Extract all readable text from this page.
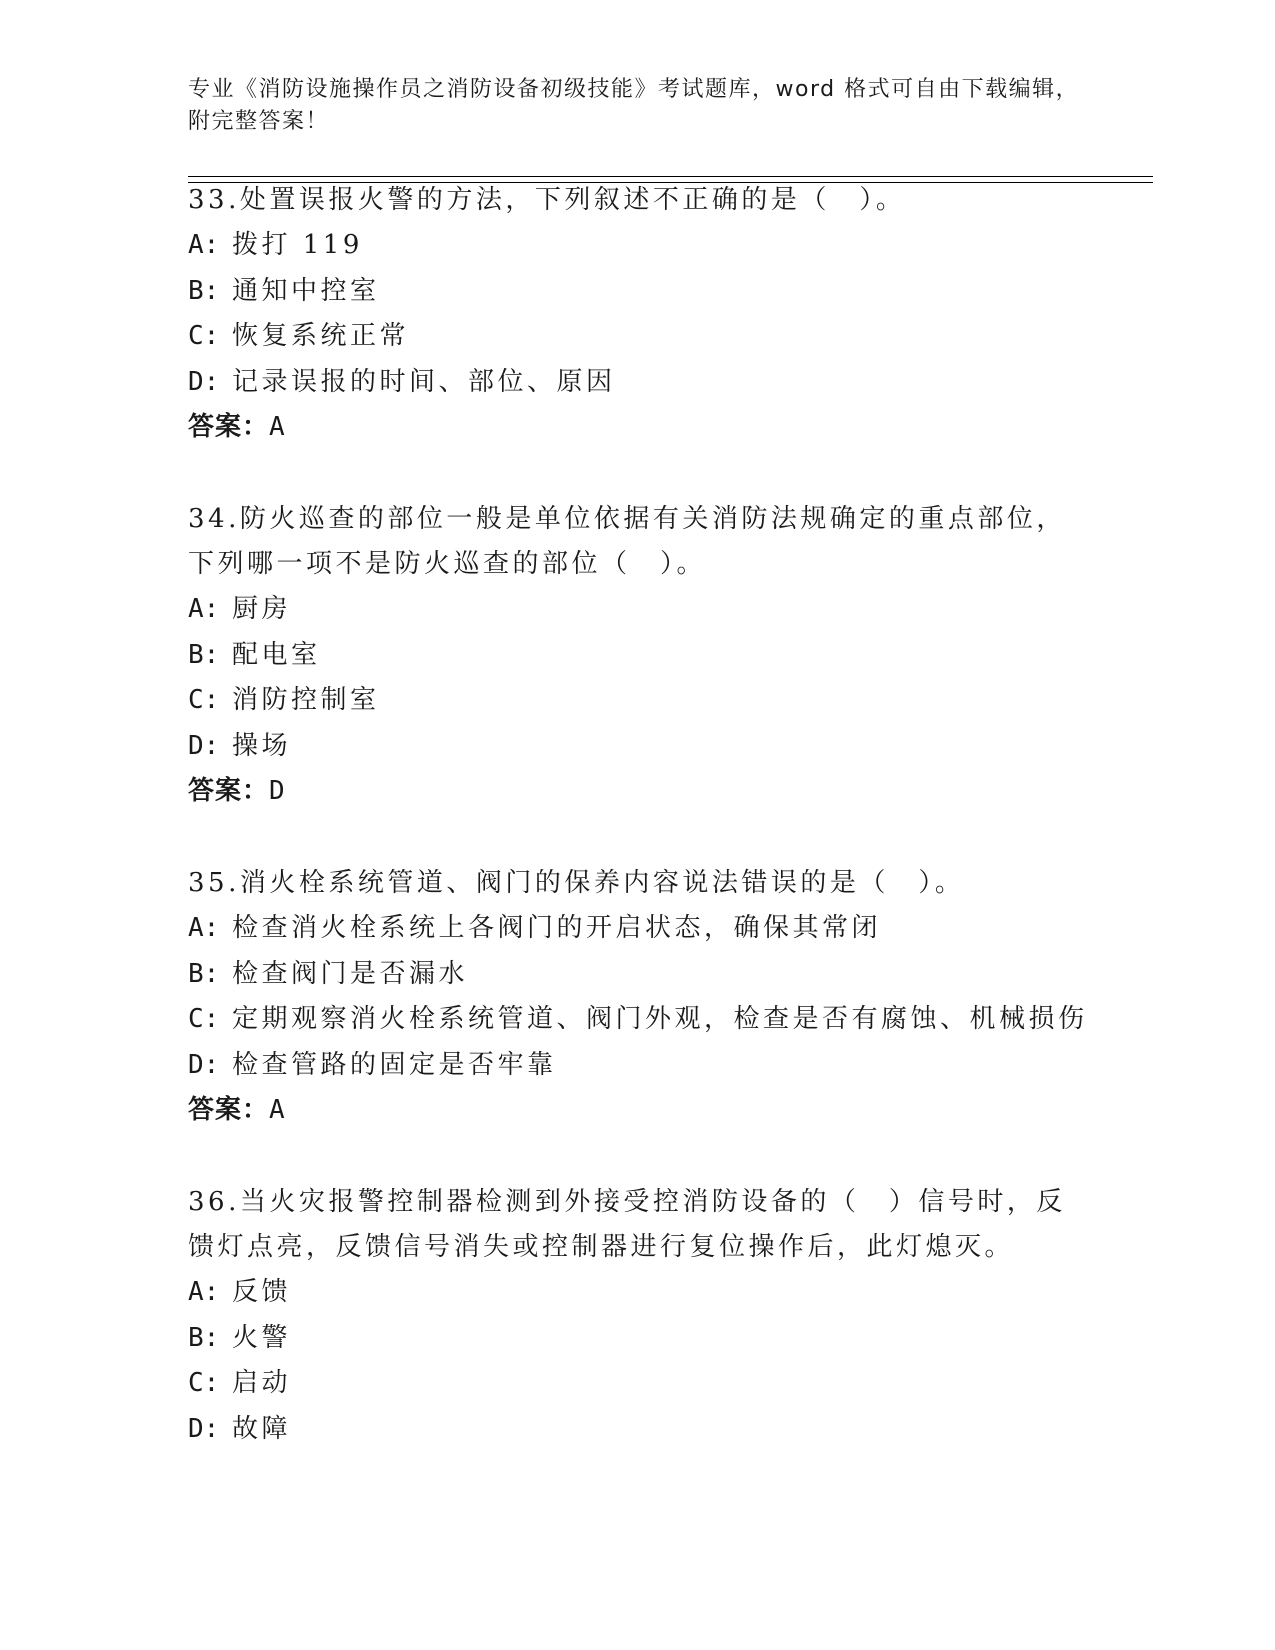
专业《消防设施操作员之消防设备初级技能》考试题库，word 格式可自由下载编辑，附完整答案！

33.处置误报火警的方法，下列叙述不正确的是（　）。

A: 拨打 119

B: 通知中控室

C: 恢复系统正常

D: 记录误报的时间、部位、原因

答案：A

34.防火巡查的部位一般是单位依据有关消防法规确定的重点部位，下列哪一项不是防火巡查的部位（　）。

A: 厨房

B: 配电室

C: 消防控制室

D: 操场

答案：D

35.消火栓系统管道、阀门的保养内容说法错误的是（　）。

A: 检查消火栓系统上各阀门的开启状态，确保其常闭

B: 检查阀门是否漏水

C: 定期观察消火栓系统管道、阀门外观，检查是否有腐蚀、机械损伤

D: 检查管路的固定是否牢靠

答案：A

36.当火灾报警控制器检测到外接受控消防设备的（　）信号时，反馈灯点亮，反馈信号消失或控制器进行复位操作后，此灯熄灭。

A: 反馈

B: 火警

C: 启动

D: 故障
